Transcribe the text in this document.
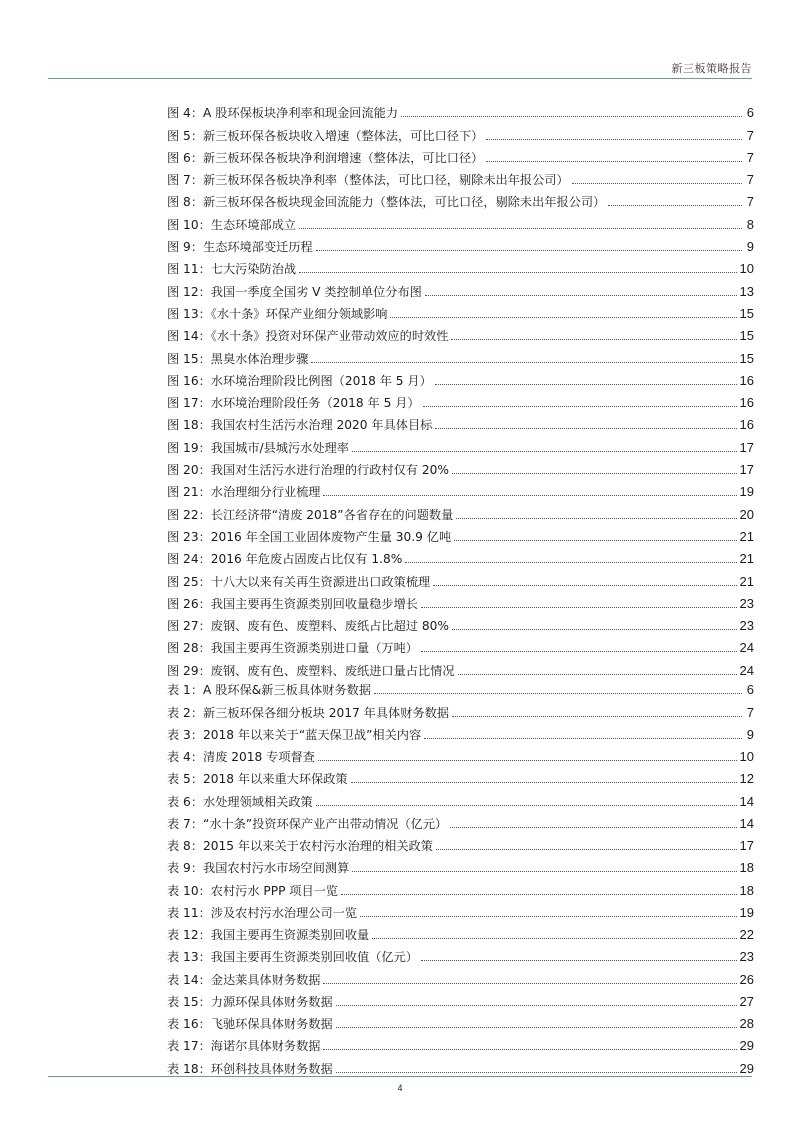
新三板策略报告
图 4：A 股环保板块净利率和现金回流能力	6
图 5：新三板环保各板块收入增速（整体法，可比口径下）	7
图 6：新三板环保各板块净利润增速（整体法，可比口径）	7
图 7：新三板环保各板块净利率（整体法，可比口径，剔除未出年报公司）	7
图 8：新三板环保各板块现金回流能力（整体法，可比口径，剔除未出年报公司）	7
图 10：生态环境部成立	8
图 9：生态环境部变迁历程	9
图 11：七大污染防治战	10
图 12：我国一季度全国劣 V 类控制单位分布图	13
图 13：《水十条》环保产业细分领域影响	15
图 14：《水十条》投资对环保产业带动效应的时效性	15
图 15：黑臭水体治理步骤	15
图 16：水环境治理阶段比例图（2018 年 5 月）	16
图 17：水环境治理阶段任务（2018 年 5 月）	16
图 18：我国农村生活污水治理 2020 年具体目标	16
图 19：我国城市/县城污水处理率	17
图 20：我国对生活污水进行治理的行政村仅有 20%	17
图 21：水治理细分行业梳理	19
图 22：长江经济带“清废 2018”各省存在的问题数量	20
图 23：2016 年全国工业固体废物产生量 30.9 亿吨	21
图 24：2016 年危废占固废占比仅有 1.8%	21
图 25：十八大以来有关再生资源进出口政策梳理	21
图 26：我国主要再生资源类别回收量稳步增长	23
图 27：废钢、废有色、废塑料、废纸占比超过 80%	23
图 28：我国主要再生资源类别进口量（万吨）	24
图 29：废钢、废有色、废塑料、废纸进口量占比情况	24
表 1：A 股环保&新三板具体财务数据	6
表 2：新三板环保各细分板块 2017 年具体财务数据	7
表 3：2018 年以来关于“蓝天保卫战”相关内容	9
表 4：清废 2018 专项督查	10
表 5：2018 年以来重大环保政策	12
表 6：水处理领域相关政策	14
表 7：“水十条”投资环保产业产出带动情况（亿元）	14
表 8：2015 年以来关于农村污水治理的相关政策	17
表 9：我国农村污水市场空间测算	18
表 10：农村污水 PPP 项目一览	18
表 11：涉及农村污水治理公司一览	19
表 12：我国主要再生资源类别回收量	22
表 13：我国主要再生资源类别回收值（亿元）	23
表 14：金达莱具体财务数据	26
表 15：力源环保具体财务数据	27
表 16：飞驰环保具体财务数据	28
表 17：海诺尔具体财务数据	29
表 18：环创科技具体财务数据	29
4
